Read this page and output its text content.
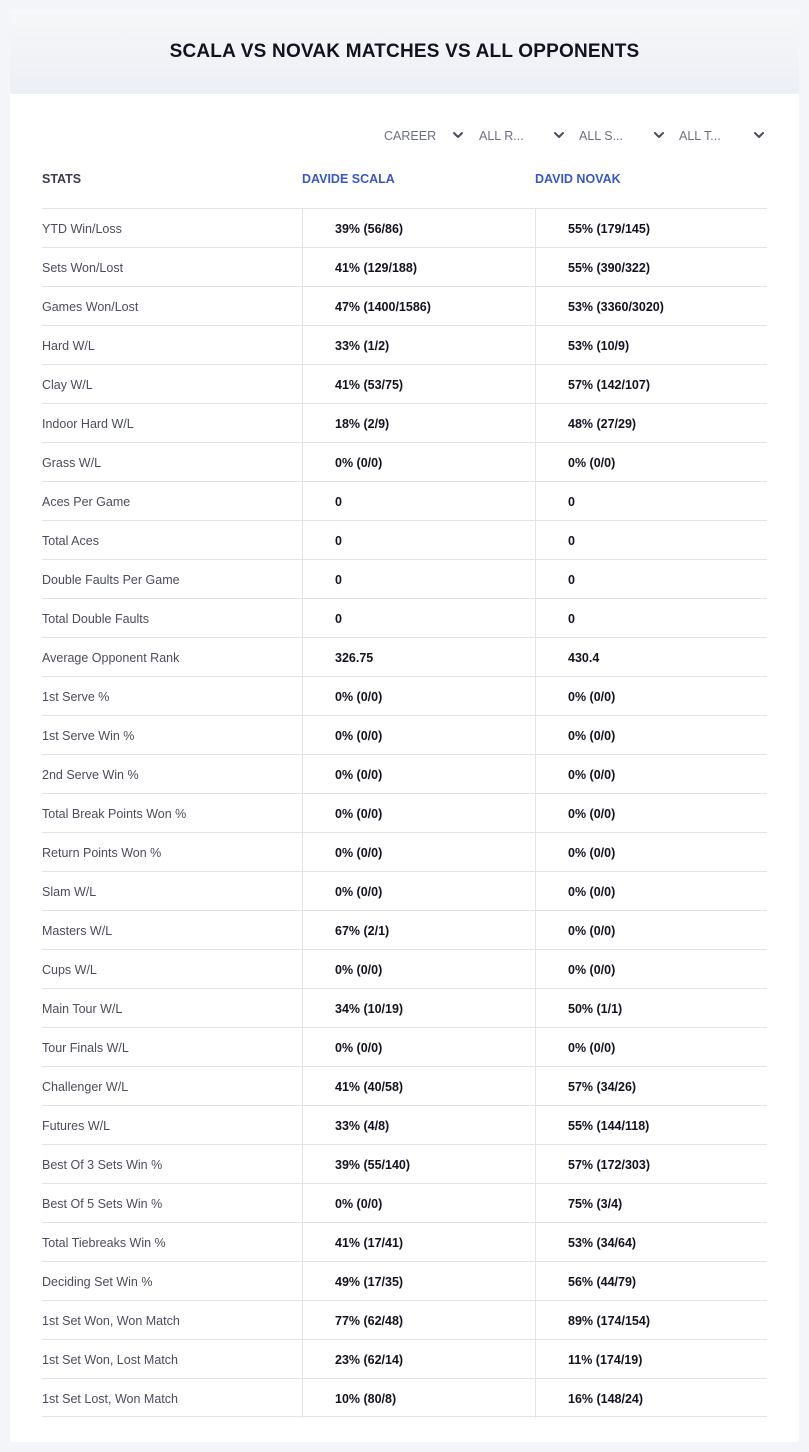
SCALA VS NOVAK MATCHES VS ALL OPPONENTS
CAREER	ALL R...	ALL S...	ALL T...
STATS	DAVIDE SCALA	DAVID NOVAK
YTD Win/Loss	39% (56/86)	55% (179/145)
Sets Won/Lost	41% (129/188)	55% (390/322)
Games Won/Lost	47% (1400/1586)	53% (3360/3020)
Hard W/L	33% (1/2)	53% (10/9)
Clay W/L	41% (53/75)	57% (142/107)
Indoor Hard W/L	18% (2/9)	48% (27/29)
Grass W/L	0% (0/0)	0% (0/0)
Aces Per Game	0	0
Total Aces	0	0
Double Faults Per Game	0	0
Total Double Faults	0	0
Average Opponent Rank	326.75	430.4
1st Serve %	0% (0/0)	0% (0/0)
1st Serve Win %	0% (0/0)	0% (0/0)
2nd Serve Win %	0% (0/0)	0% (0/0)
Total Break Points Won %	0% (0/0)	0% (0/0)
Return Points Won %	0% (0/0)	0% (0/0)
Slam W/L	0% (0/0)	0% (0/0)
Masters W/L	67% (2/1)	0% (0/0)
Cups W/L	0% (0/0)	0% (0/0)
Main Tour W/L	34% (10/19)	50% (1/1)
Tour Finals W/L	0% (0/0)	0% (0/0)
Challenger W/L	41% (40/58)	57% (34/26)
Futures W/L	33% (4/8)	55% (144/118)
Best Of 3 Sets Win %	39% (55/140)	57% (172/303)
Best Of 5 Sets Win %	0% (0/0)	75% (3/4)
Total Tiebreaks Win %	41% (17/41)	53% (34/64)
Deciding Set Win %	49% (17/35)	56% (44/79)
1st Set Won, Won Match	77% (62/48)	89% (174/154)
1st Set Won, Lost Match	23% (62/14)	11% (174/19)
1st Set Lost, Won Match	10% (80/8)	16% (148/24)
